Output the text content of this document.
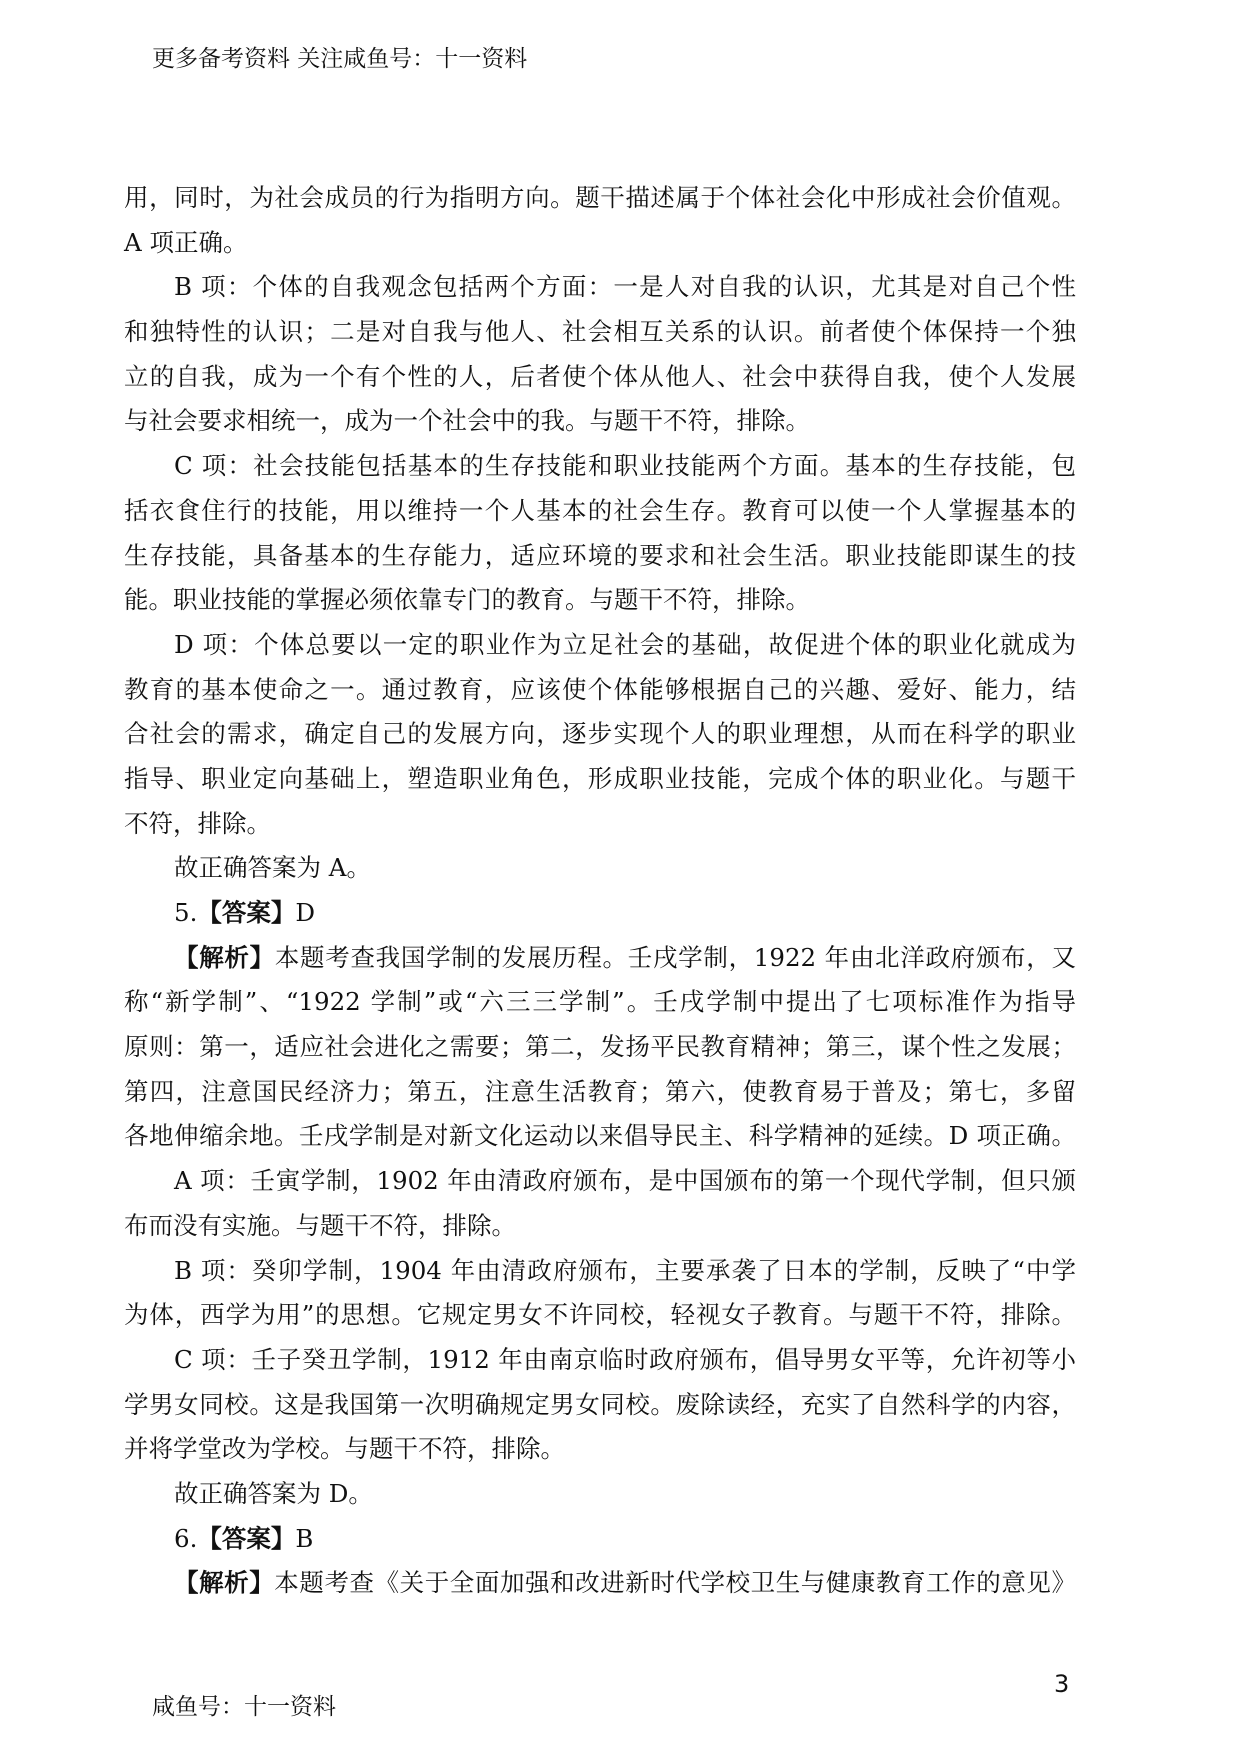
更多备考资料 关注咸鱼号：十一资料
用，同时，为社会成员的行为指明方向。题干描述属于个体社会化中形成社会价值观。
A 项正确。
B 项：个体的自我观念包括两个方面：一是人对自我的认识，尤其是对自己个性
和独特性的认识；二是对自我与他人、社会相互关系的认识。前者使个体保持一个独
立的自我，成为一个有个性的人，后者使个体从他人、社会中获得自我，使个人发展
与社会要求相统一，成为一个社会中的我。与题干不符，排除。
C 项：社会技能包括基本的生存技能和职业技能两个方面。基本的生存技能，包
括衣食住行的技能，用以维持一个人基本的社会生存。教育可以使一个人掌握基本的
生存技能，具备基本的生存能力，适应环境的要求和社会生活。职业技能即谋生的技
能。职业技能的掌握必须依靠专门的教育。与题干不符，排除。
D 项：个体总要以一定的职业作为立足社会的基础，故促进个体的职业化就成为
教育的基本使命之一。通过教育，应该使个体能够根据自己的兴趣、爱好、能力，结
合社会的需求，确定自己的发展方向，逐步实现个人的职业理想，从而在科学的职业
指导、职业定向基础上，塑造职业角色，形成职业技能，完成个体的职业化。与题干
不符，排除。
故正确答案为 A。
5.【答案】D
【解析】本题考查我国学制的发展历程。壬戌学制，1922 年由北洋政府颁布，又
称“新学制”、“1922 学制”或“六三三学制”。壬戌学制中提出了七项标准作为指导
原则：第一，适应社会进化之需要；第二，发扬平民教育精神；第三，谋个性之发展；
第四，注意国民经济力；第五，注意生活教育；第六，使教育易于普及；第七，多留
各地伸缩余地。壬戌学制是对新文化运动以来倡导民主、科学精神的延续。D 项正确。
A 项：壬寅学制，1902 年由清政府颁布，是中国颁布的第一个现代学制，但只颁
布而没有实施。与题干不符，排除。
B 项：癸卯学制，1904 年由清政府颁布，主要承袭了日本的学制，反映了“中学
为体，西学为用”的思想。它规定男女不许同校，轻视女子教育。与题干不符，排除。
C 项：壬子癸丑学制，1912 年由南京临时政府颁布，倡导男女平等，允许初等小
学男女同校。这是我国第一次明确规定男女同校。废除读经，充实了自然科学的内容，
并将学堂改为学校。与题干不符，排除。
故正确答案为 D。
6.【答案】B
【解析】本题考查《关于全面加强和改进新时代学校卫生与健康教育工作的意见》
3
咸鱼号：十一资料
